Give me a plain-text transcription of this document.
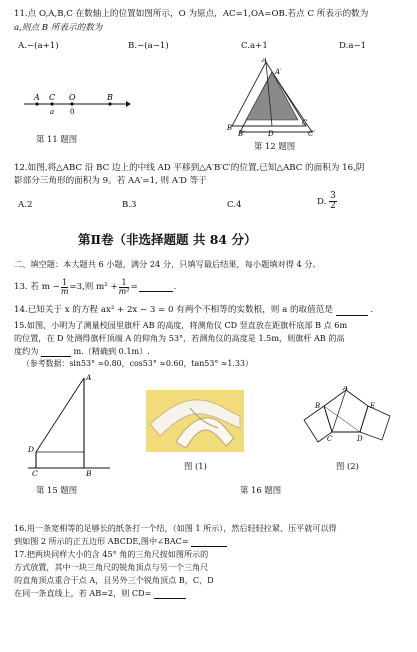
11.点 O,A,B,C 在数轴上的位置如图所示，O 为原点，AC=1,OA=OB.若点 C 所表示的数为
a,则点 B 所表示的数为
A.−(a+1)	B.−(a−1)	C.a+1	D.a−1
A C O	B
a 0
第 11 题图
A
A′
B
B′	D
C
C′
第 12 题图
12.如图,将△ABC 沿 BC 边上的中线 AD 平移到△A′B′C′的位置,已知△ABC 的面积为 16,阴
影部分三角形的面积为 9。若 AA′=1, 则 A′D 等于
A.2	B.3	C.4	D. $\frac{3}{2}$
第Ⅱ卷（非选择题题 共 84 分）
二、填空题：本大题共 6 小题，满分 24 分，只填写最后结果，每小题填对得 4 分。
13. 若 $m - \frac{1}{m} =3$,则 $m^2 + \frac{1}{\text{m²}}$ =	.
14.已知关于 x 的方程 ax² + 2x − 3 = 0 有两个不相等的实数根，则 a 的取值范是	.
15.如图，小明为了测量校园里旗杆 AB 的高度，将测角仪 CD 竖直放在距旗杆底部 B 点 6m
的位置，在 D 处测得旗杆顶端 A 的仰角为 53°，若测角仪的高度是 1.5m，则旗杆 AB 的高
度约为	m.（精确到 0.1m）.
（参考数据：sin53° ≈0.80，cos53° ≈0.60，tan53° ≈1.33）
A
D
B
C
第 15 题图
图 (1)
A
B	E
C	D
图 (2)
第 16 题图
16.用一条宽相等的足够长的纸条打一个结，（如图 1 所示），然后轻轻拉紧、压平就可以得
到如图 2 所示的正五边形 ABCDE,图中∠BAC=
17.把两块同样大小的含 45° 角的三角尺按如图所示的
方式放置，其中一块三角尺的锐角顶点与另一个三角尺
的直角顶点重合于点 A，且另外三个锐角顶点 B，C，D
在同一条直线上，若 AB=2，则 CD=
